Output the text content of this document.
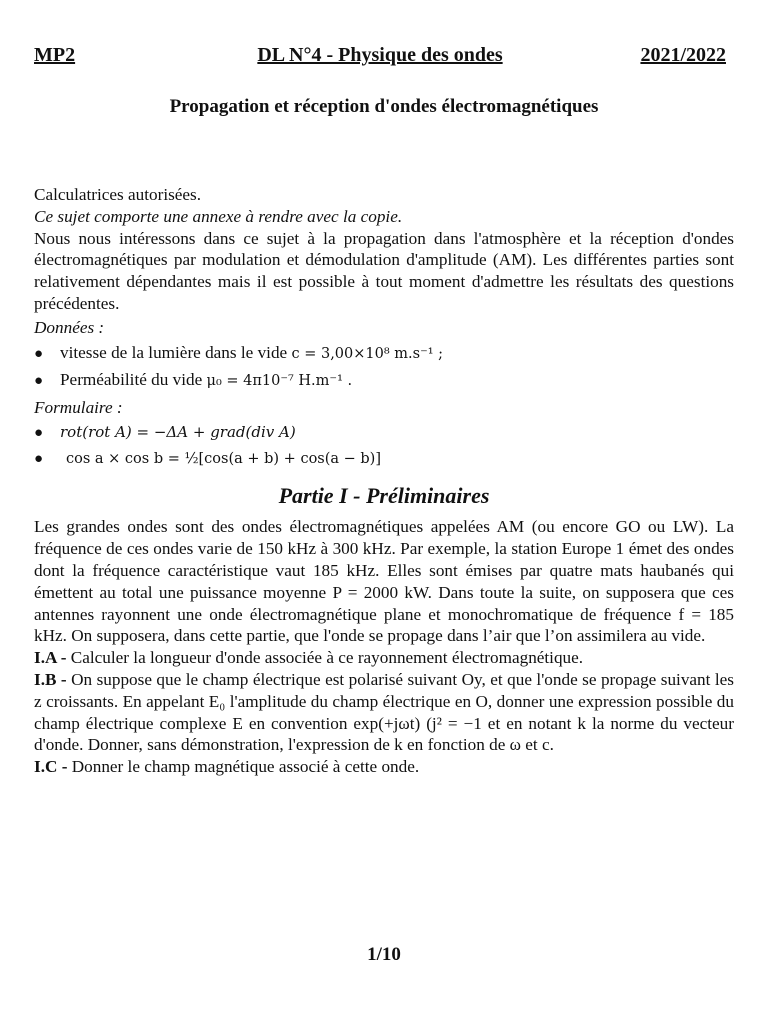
MP2	DL N°4 - Physique des ondes	2021/2022
Propagation et réception d'ondes électromagnétiques

Calculatrices autorisées.

Ce sujet comporte une annexe à rendre avec la copie.

Nous nous intéressons dans ce sujet à la propagation dans l'atmosphère et la réception d'ondes électromagnétiques par modulation et démodulation d'amplitude (AM). Les différentes parties sont relativement dépendantes mais il est possible à tout moment d'admettre les résultats des questions précédentes.

Données :

● vitesse de la lumière dans le vide c = 3,00×10⁸ m.s⁻¹ ;
● Perméabilité du vide μ₀ = 4π10⁻⁷ H.m⁻¹ .

Formulaire :

●	rot(rot A) = −ΔA + grad(div A)
●	cos a × cos b = ½[cos(a + b) + cos(a − b)]
Partie I - Préliminaires

Les grandes ondes sont des ondes électromagnétiques appelées AM (ou encore GO ou LW). La fréquence de ces ondes varie de 150 kHz à 300 kHz. Par exemple, la station Europe 1 émet des ondes dont la fréquence caractéristique vaut 185 kHz. Elles sont émises par quatre mats haubanés qui émettent au total une puissance moyenne P = 2000 kW. Dans toute la suite, on supposera que ces antennes rayonnent une onde électromagnétique plane et monochromatique de fréquence f = 185 kHz. On supposera, dans cette partie, que l'onde se propage dans l’air que l’on assimilera au vide.

I.A - Calculer la longueur d'onde associée à ce rayonnement électromagnétique.

I.B - On suppose que le champ électrique est polarisé suivant Oy, et que l'onde se propage suivant les z croissants. En appelant E₀ l'amplitude du champ électrique en O, donner une expression possible du champ électrique complexe E en convention exp(+jωt) (j² = −1 et en notant k la norme du vecteur d'onde. Donner, sans démonstration, l'expression de k en fonction de ω et c.

I.C - Donner le champ magnétique associé à cette onde.

1/10
